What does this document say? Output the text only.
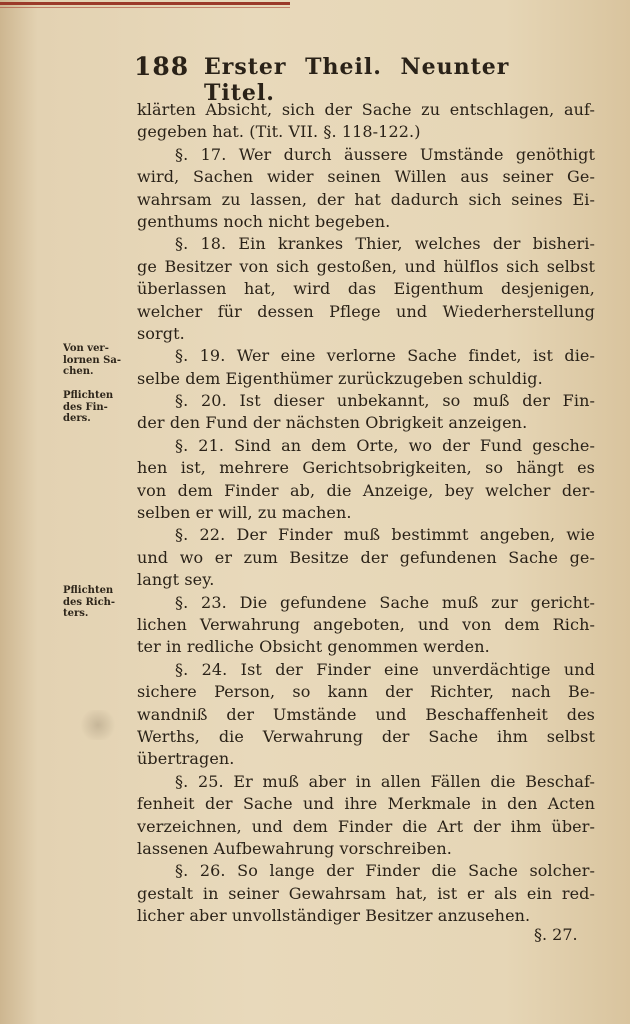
188 Erster Theil. Neunter Titel.
Von ver-
lornen Sa-
chen.
Pflichten
des Fin-
ders.
Pflichten
des Rich-
ters.
klärten Absicht, sich der Sache zu entschlagen, auf-
gegeben hat. (Tit. VII. §. 118-122.)
§. 17. Wer durch äussere Umstände genöthigt
wird, Sachen wider seinen Willen aus seiner Ge-
wahrsam zu lassen, der hat dadurch sich seines Ei-
genthums noch nicht begeben.
§. 18. Ein krankes Thier, welches der bisheri-
ge Besitzer von sich gestoßen, und hülflos sich selbst
überlassen hat, wird das Eigenthum desjenigen,
welcher für dessen Pflege und Wiederherstellung
sorgt.
§. 19. Wer eine verlorne Sache findet, ist die-
selbe dem Eigenthümer zurückzugeben schuldig.
§. 20. Ist dieser unbekannt, so muß der Fin-
der den Fund der nächsten Obrigkeit anzeigen.
§. 21. Sind an dem Orte, wo der Fund gesche-
hen ist, mehrere Gerichtsobrigkeiten, so hängt es
von dem Finder ab, die Anzeige, bey welcher der-
selben er will, zu machen.
§. 22. Der Finder muß bestimmt angeben, wie
und wo er zum Besitze der gefundenen Sache ge-
langt sey.
§. 23. Die gefundene Sache muß zur gericht-
lichen Verwahrung angeboten, und von dem Rich-
ter in redliche Obsicht genommen werden.
§. 24. Ist der Finder eine unverdächtige und
sichere Person, so kann der Richter, nach Be-
wandniß der Umstände und Beschaffenheit des
Werths, die Verwahrung der Sache ihm selbst
übertragen.
§. 25. Er muß aber in allen Fällen die Beschaf-
fenheit der Sache und ihre Merkmale in den Acten
verzeichnen, und dem Finder die Art der ihm über-
lassenen Aufbewahrung vorschreiben.
§. 26. So lange der Finder die Sache solcher-
gestalt in seiner Gewahrsam hat, ist er als ein red-
licher aber unvollständiger Besitzer anzusehen.
§. 27.
